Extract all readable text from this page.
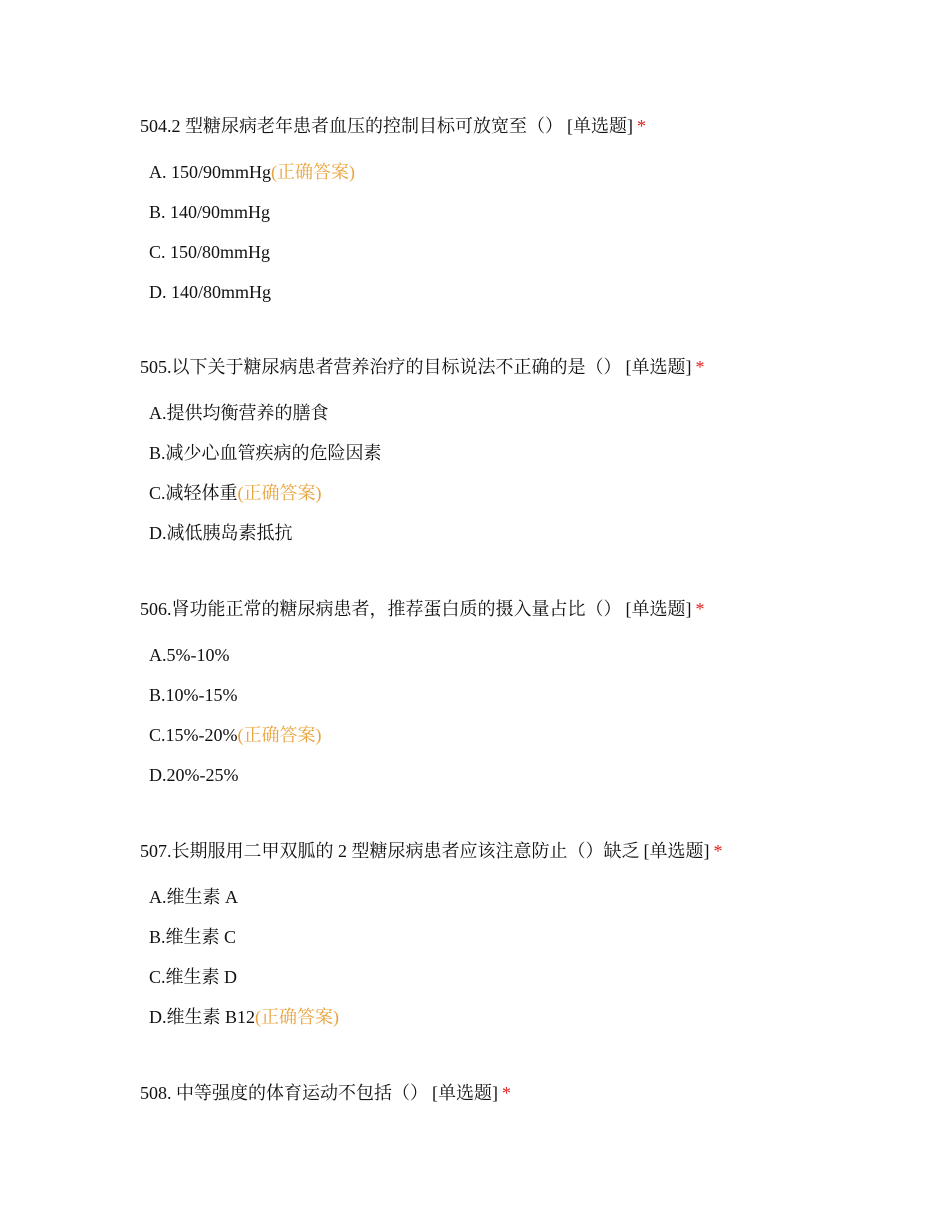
504.2 型糖尿病老年患者血压的控制目标可放宽至（） [单选题] *
A. 150/90mmHg(正确答案)
B. 140/90mmHg
C. 150/80mmHg
D. 140/80mmHg
505.以下关于糖尿病患者营养治疗的目标说法不正确的是（） [单选题] *
A.提供均衡营养的膳食
B.减少心血管疾病的危险因素
C.减轻体重(正确答案)
D.减低胰岛素抵抗
506.肾功能正常的糖尿病患者，推荐蛋白质的摄入量占比（） [单选题] *
A.5%-10%
B.10%-15%
C.15%-20%(正确答案)
D.20%-25%
507.长期服用二甲双胍的 2 型糖尿病患者应该注意防止（）缺乏 [单选题] *
A.维生素 A
B.维生素 C
C.维生素 D
D.维生素 B12(正确答案)
508. 中等强度的体育运动不包括（） [单选题] *
